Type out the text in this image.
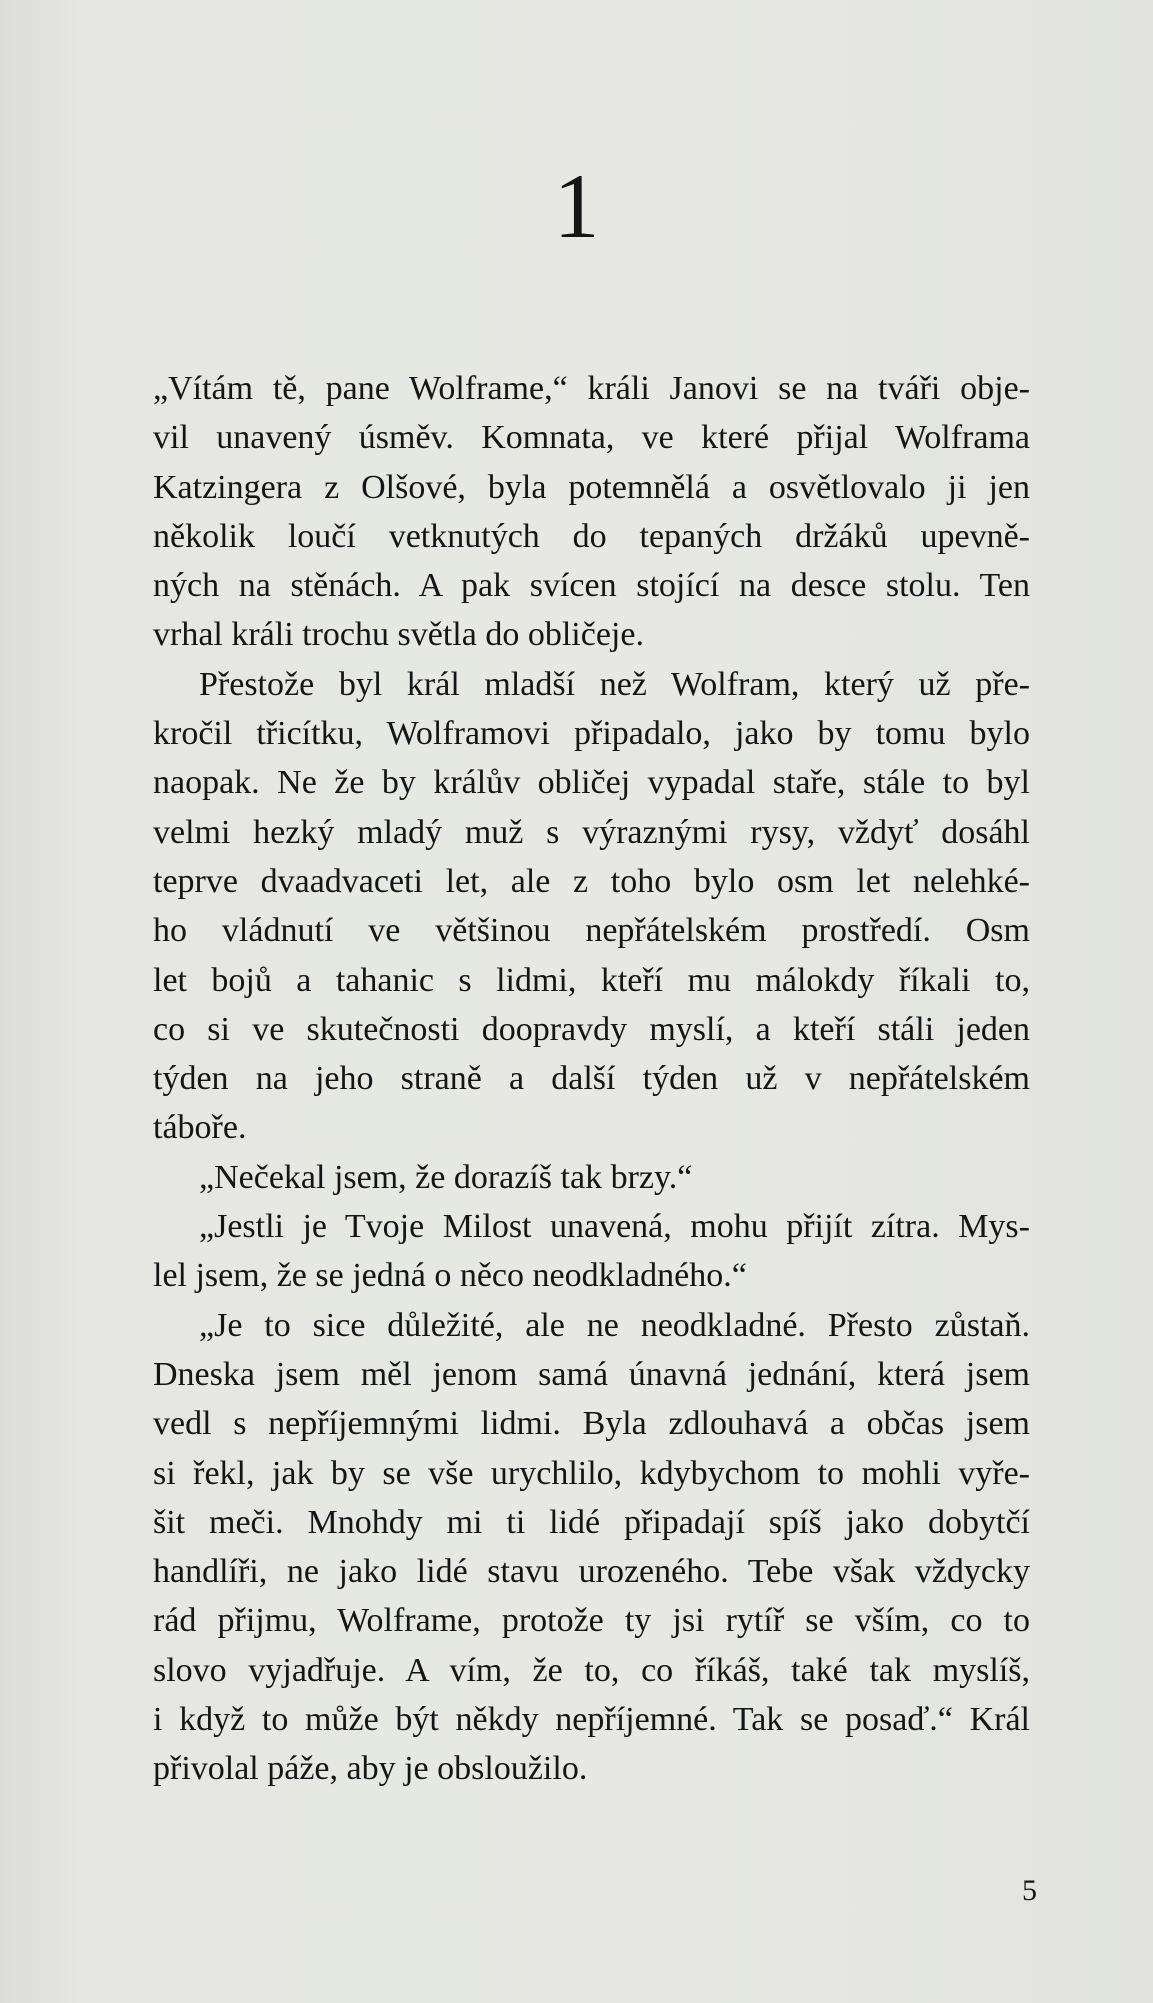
1
„Vítám tě, pane Wolframe,“ králi Janovi se na tváři obje-
vil unavený úsměv. Komnata, ve které přijal Wolframa
Katzingera z Olšové, byla potemnělá a osvětlovalo ji jen
několik loučí vetknutých do tepaných držáků upevně-
ných na stěnách. A pak svícen stojící na desce stolu. Ten
vrhal králi trochu světla do obličeje.
Přestože byl král mladší než Wolfram, který už pře-
kročil třicítku, Wolframovi připadalo, jako by tomu bylo
naopak. Ne že by králův obličej vypadal staře, stále to byl
velmi hezký mladý muž s výraznými rysy, vždyť dosáhl
teprve dvaadvaceti let, ale z toho bylo osm let nelehké-
ho vládnutí ve většinou nepřátelském prostředí. Osm
let bojů a tahanic s lidmi, kteří mu málokdy říkali to,
co si ve skutečnosti doopravdy myslí, a kteří stáli jeden
týden na jeho straně a další týden už v nepřátelském
táboře.
„Nečekal jsem, že dorazíš tak brzy.“
„Jestli je Tvoje Milost unavená, mohu přijít zítra. Mys-
lel jsem, že se jedná o něco neodkladného.“
„Je to sice důležité, ale ne neodkladné. Přesto zůstaň.
Dneska jsem měl jenom samá únavná jednání, která jsem
vedl s nepříjemnými lidmi. Byla zdlouhavá a občas jsem
si řekl, jak by se vše urychlilo, kdybychom to mohli vyře-
šit meči. Mnohdy mi ti lidé připadají spíš jako dobytčí
handlíři, ne jako lidé stavu urozeného. Tebe však vždycky
rád přijmu, Wolframe, protože ty jsi rytíř se vším, co to
slovo vyjadřuje. A vím, že to, co říkáš, také tak myslíš,
i když to může být někdy nepříjemné. Tak se posaď.“ Král
přivolal páže, aby je obsloužilo.
5
